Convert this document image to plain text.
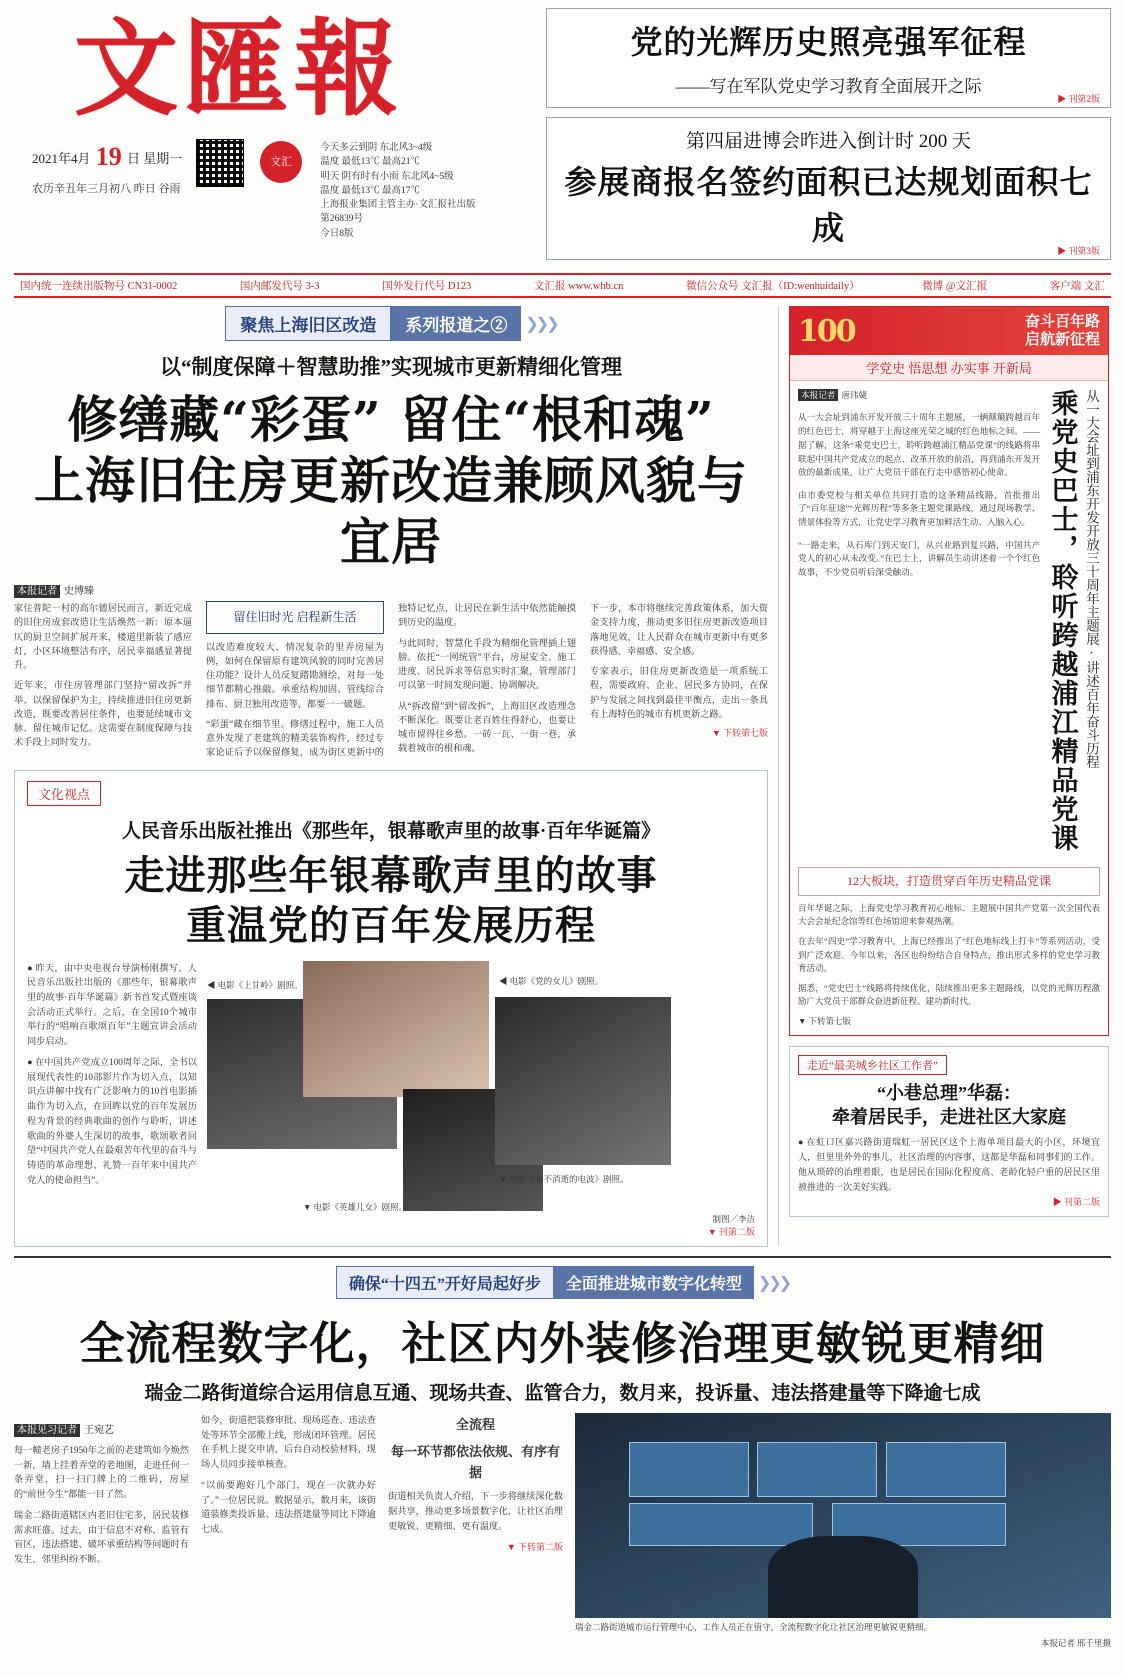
文匯報
2021年4月 19 日 星期一
农历辛丑年三月初八 昨日 谷雨
文汇
今天多云到阴 东北风3~4级
温度 最低13℃ 最高21℃
明天 阴有时有小雨 东北风4~5级
温度 最低13℃ 最高17℃
上海报业集团主管主办·文汇报社出版
第26839号
今日8版
党的光辉历史照亮强军征程
——写在军队党史学习教育全面展开之际
▶ 刊第2版
第四届进博会昨进入倒计时 200 天
参展商报名签约面积已达规划面积七成
▶ 刊第3版
国内统一连续出版物号 CN31-0002	国内邮发代号 3-3	国外发行代号 D123	文汇报 www.whb.cn	微信公众号 文汇报（ID:wenhuidaily）	微博 @文汇报	客户端 文汇
聚焦上海旧区改造	系列报道之②	❯❯❯
以“制度保障＋智慧助推”实现城市更新精细化管理
修缮藏“彩蛋” 留住“根和魂”
上海旧住房更新改造兼顾风貌与宜居
本报记者 史博臻

家住普陀一村的高尔德居民而言，新近完成的旧住房成套改造让生活焕然一新：原本逼仄的厨卫空间扩展开来，楼道里新装了感应灯，小区环境整洁有序，居民幸福感显著提升。

近年来，市住房管理部门坚持“留改拆”并举、以保留保护为主，持续推进旧住房更新改造，既要改善居住条件，也要延续城市文脉、留住城市记忆。这需要在制度保障与技术手段上同时发力。

留住旧时光 启程新生活

以改造难度较大、情况复杂的里弄房屋为例，如何在保留原有建筑风貌的同时完善居住功能？设计人员反复踏勘测绘，对每一处细节都精心推敲。承重结构加固、管线综合排布、厨卫独用改造等，都要一一破题。

“彩蛋”藏在细节里。修缮过程中，施工人员意外发现了老建筑的精美装饰构件，经过专家论证后予以保留修复，成为街区更新中的独特记忆点，让居民在新生活中依然能触摸到历史的温度。

与此同时，智慧化手段为精细化管理插上翅膀。依托“一网统管”平台，房屋安全、施工进度、居民诉求等信息实时汇聚，管理部门可以第一时间发现问题、协调解决。

从“拆改留”到“留改拆”，上海旧区改造理念不断深化。既要让老百姓住得舒心，也要让城市留得住乡愁。一砖一瓦、一街一巷，承载着城市的根和魂。

下一步，本市将继续完善政策体系，加大资金支持力度，推动更多旧住房更新改造项目落地见效，让人民群众在城市更新中有更多获得感、幸福感、安全感。

专家表示，旧住房更新改造是一项系统工程，需要政府、企业、居民多方协同，在保护与发展之间找到最佳平衡点，走出一条具有上海特色的城市有机更新之路。

▼ 下转第七版
文化视点
人民音乐出版社推出《那些年，银幕歌声里的故事·百年华诞篇》
走进那些年银幕歌声里的故事
重温党的百年发展历程

● 昨天，由中央电视台导演杨刚撰写、人民音乐出版社出版的《那些年，银幕歌声里的故事·百年华诞篇》新书首发式暨座谈会活动正式举行。之后，在全国10个城市举行的“唱响百歌颂百年”主题宣讲会活动同步启动。

● 在中国共产党成立100周年之际，全书以展现代表性的10部影片作为切入点，以知识点讲解中找有广泛影响力的10首电影插曲作为切入点，在回眸以党的百年发展历程为背景的经典歌曲的创作与聆听，讲述歌曲的外婆人生深切的故事，歌颂歌者回望“中国共产党人在最艰苦年代里的奋斗与铸造的革命理想、礼赞一百年来中国共产党人的使命担当”。

◀ 电影《上甘岭》剧照。	◀ 电影《党的女儿》剧照。
▼ 电影《永不消逝的电波》剧照。
▼ 电影《英雄儿女》剧照。
制图／李洁
▼ 刊第二版
100	奋斗百年路
启航新征程
学党史 悟思想 办实事 开新局
本报记者 唐玮婕

从一大会址到浦东开发开放三十周年主题展，一辆颠簸跨越百年的红色巴士，将穿越于上海这座光荣之城的红色地标之间。——据了解，这条“乘党史巴士，聆听跨越浦江精品党课”的线路将串联起中国共产党成立的起点、改革开放的前沿，再到浦东开发开放的最新成果，让广大党员干部在行走中感悟初心使命。

由市委党校与相关单位共同打造的这条精品线路，首批推出了“百年征途”“光辉历程”等多条主题党课路线，通过现场教学、情景体验等方式，让党史学习教育更加鲜活生动、入脑入心。

“一路走来，从石库门到天安门，从兴业路到复兴路，中国共产党人的初心从未改变。”在巴士上，讲解员生动讲述着一个个红色故事，不少党员听后深受触动。	乘党史巴士，聆听跨越浦江精品党课 从一大会址到浦东开发开放三十周年主题展·讲述百年奋斗历程
12大板块，打造贯穿百年历史精品党课
百年华诞之际，上海党史学习教育初心地标、主题展中国共产党第一次全国代表大会会址纪念馆等红色场馆迎来参观热潮。
在去年“四史”学习教育中，上海已经推出了“红色地标线上打卡”等系列活动，受到广泛欢迎。今年以来，各区也纷纷结合自身特点，推出形式多样的党史学习教育活动。
据悉，“党史巴士”线路将持续优化，陆续推出更多主题路线，以党的光辉历程激励广大党员干部群众奋进新征程、建功新时代。
▼ 下转第七版
走近“最美城乡社区工作者”
“小巷总理”华磊：
牵着居民手，走进社区大家庭
● 在虹口区嘉兴路街道瑞虹一居民区这个上海单项目最大的小区，环境宜人，但里里外外的事儿，社区治理的内容事，这都是华磊和同事们的工作。他从琐碎的治理着眼，也是居民在国际化程度高、老龄化轻户重的居民区里被推进的一次美好实践。
▶ 刊第二版
确保“十四五”开好局起好步	全面推进城市数字化转型	❯❯❯
全流程数字化，社区内外装修治理更敏锐更精细
瑞金二路街道综合运用信息互通、现场共查、监管合力，数月来，投诉量、违法搭建量等下降逾七成
本报见习记者 王宛艺

每一幢老房子1950年之前的老建筑如今焕然一新，墙上挂着弄堂的老地图，走进任何一条弄堂，扫一扫门牌上的二维码，房屋的“前世今生”都能一目了然。

瑞金二路街道辖区内老旧住宅多，居民装修需求旺盛。过去，由于信息不对称、监管有盲区，违法搭建、破坏承重结构等问题时有发生，邻里纠纷不断。

如今，街道把装修审批、现场巡查、违法查处等环节全部搬上线，形成闭环管理。居民在手机上提交申请，后台自动校验材料，现场人员同步接单核查。

“以前要跑好几个部门，现在一次就办好了。”一位居民说。数据显示，数月来，该街道装修类投诉量、违法搭建量等同比下降逾七成。

全流程
每一环节都依法依规、有序有据

街道相关负责人介绍，下一步将继续深化数据共享，推动更多场景数字化，让社区治理更敏锐、更精细、更有温度。

▼ 下转第二版
瑞金二路街道城市运行管理中心，工作人员正在值守。全流程数字化让社区治理更敏锐更精细。
本报记者 邢千里摄
